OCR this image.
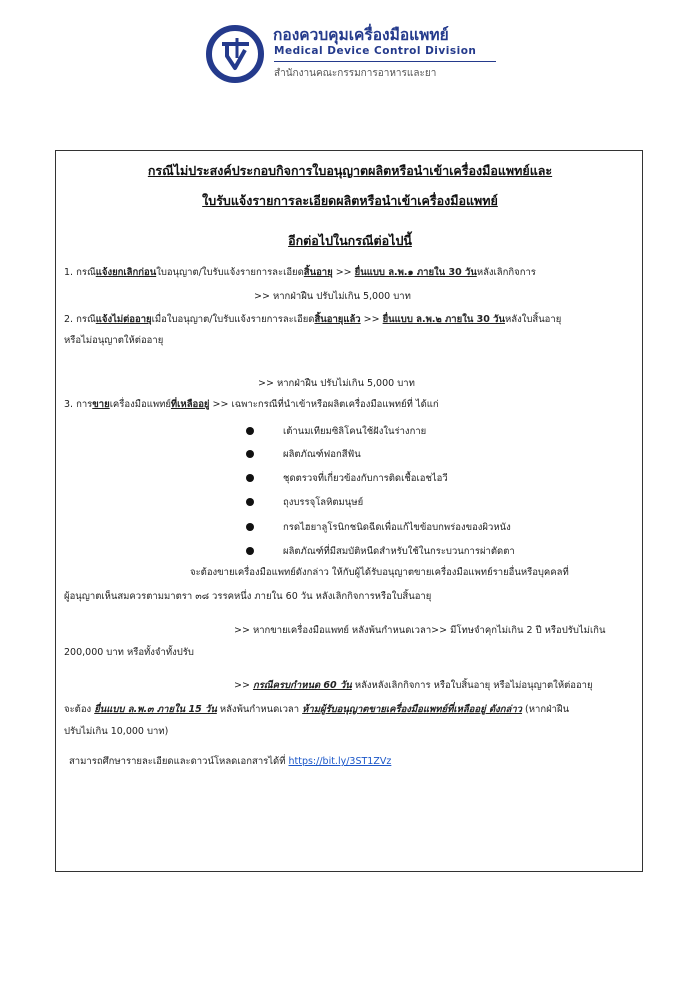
กองควบคุมเครื่องมือแพทย์
Medical Device Control Division
สำนักงานคณะกรรมการอาหารและยา
กรณีไม่ประสงค์ประกอบกิจการใบอนุญาตผลิตหรือนำเข้าเครื่องมือแพทย์และ
ใบรับแจ้งรายการละเอียดผลิตหรือนำเข้าเครื่องมือแพทย์
อีกต่อไปในกรณีต่อไปนี้
1. กรณีแจ้งยกเลิกก่อนใบอนุญาต/ใบรับแจ้งรายการละเอียดสิ้นอายุ >> ยื่นแบบ ล.พ.๑ ภายใน 30 วันหลังเลิกกิจการ
>> หากฝ่าฝืน ปรับไม่เกิน 5,000 บาท
2. กรณีแจ้งไม่ต่ออายุเมื่อใบอนุญาต/ใบรับแจ้งรายการละเอียดสิ้นอายุแล้ว >> ยื่นแบบ ล.พ.๒ ภายใน 30 วันหลังใบสิ้นอายุ
หรือไม่อนุญาตให้ต่ออายุ
>> หากฝ่าฝืน ปรับไม่เกิน 5,000 บาท
3. การขายเครื่องมือแพทย์ที่เหลืออยู่ >> เฉพาะกรณีที่นำเข้าหรือผลิตเครื่องมือแพทย์ที่ ได้แก่
เต้านมเทียมซิลิโคนใช้ฝังในร่างกาย
ผลิตภัณฑ์ฟอกสีฟัน
ชุดตรวจที่เกี่ยวข้องกับการติดเชื้อเอชไอวี
ถุงบรรจุโลหิตมนุษย์
กรดไฮยาลูโรนิกชนิดฉีดเพื่อแก้ไขข้อบกพร่องของผิวหนัง
ผลิตภัณฑ์ที่มีสมบัติหนืดสำหรับใช้ในกระบวนการผ่าตัดตา
จะต้องขายเครื่องมือแพทย์ดังกล่าว ให้กับผู้ได้รับอนุญาตขายเครื่องมือแพทย์รายอื่นหรือบุคคลที่
ผู้อนุญาตเห็นสมควรตามมาตรา ๓๘ วรรคหนึ่ง ภายใน 60 วัน หลังเลิกกิจการหรือใบสิ้นอายุ
>> หากขายเครื่องมือแพทย์ หลังพ้นกำหนดเวลา>> มีโทษจำคุกไม่เกิน 2 ปี หรือปรับไม่เกิน
200,000 บาท หรือทั้งจำทั้งปรับ
>> กรณีครบกำหนด 60 วัน หลังหลังเลิกกิจการ หรือใบสิ้นอายุ หรือไม่อนุญาตให้ต่ออายุ
จะต้อง ยื่นแบบ ล.พ.๓ ภายใน 15 วัน หลังพ้นกำหนดเวลา ห้ามผู้รับอนุญาตขายเครื่องมือแพทย์ที่เหลืออยู่ ดังกล่าว (หากฝ่าฝืน
ปรับไม่เกิน 10,000 บาท)
สามารถศึกษารายละเอียดและดาวน์โหลดเอกสารได้ที่ https://bit.ly/3ST1ZVz
